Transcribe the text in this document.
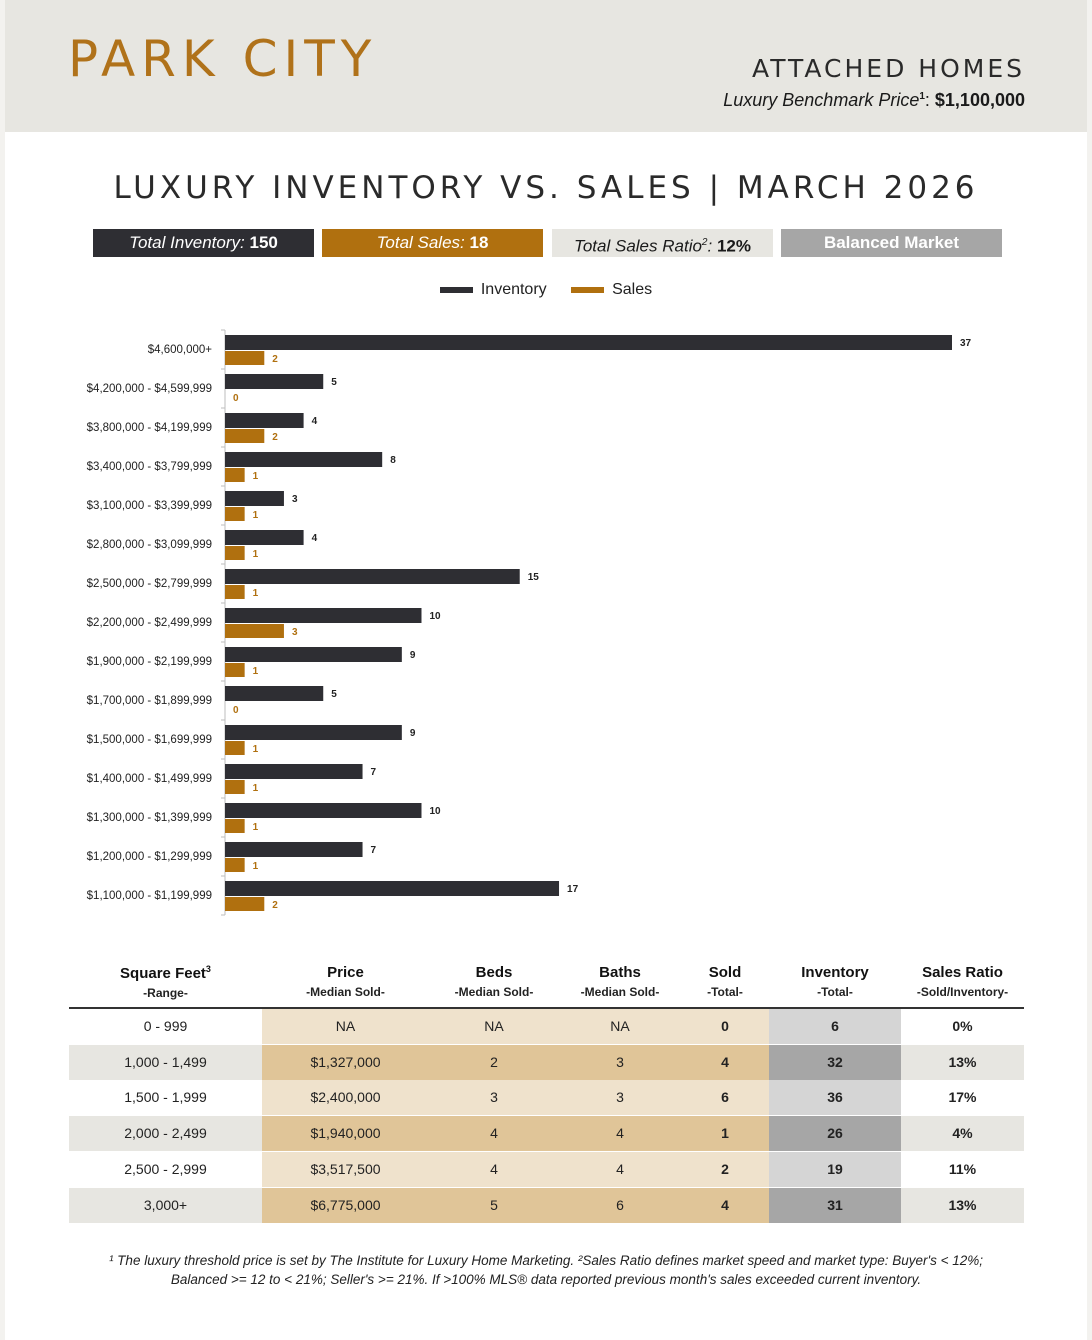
PARK CITY	ATTACHED HOMES
Luxury Benchmark Price$^1$: $1,100,000
LUXURY INVENTORY VS. SALES | MARCH 2026
Total Inventory: 150	Total Sales: 18	Total Sales Ratio$^2$: 12%	Balanced Market
Inventory	Sales
$4,600,000+
37
2
$4,200,000 - $4,599,999
5
0
$3,800,000 - $4,199,999
4
2
$3,400,000 - $3,799,999
8
1
$3,100,000 - $3,399,999
3
1
$2,800,000 - $3,099,999
4
1
$2,500,000 - $2,799,999
15
1
$2,200,000 - $2,499,999
10
3
$1,900,000 - $2,199,999
9
1
$1,700,000 - $1,899,999
5
0
$1,500,000 - $1,699,999
9
1
$1,400,000 - $1,499,999
7
1
$1,300,000 - $1,399,999
10
1
$1,200,000 - $1,299,999
7
1
$1,100,000 - $1,199,999
17
2
Square Feet$^3$
-Range-
Price
-Median Sold-
Beds
-Median Sold-
Baths
-Median Sold-
Sold
-Total-
Inventory
-Total-
Sales Ratio
-Sold/Inventory-
0 - 999	NA	NA	NA	0	6	0%
1,000 - 1,499	$1,327,000	2	3	4	32	13%
1,500 - 1,999	$2,400,000	3	3	6	36	17%
2,000 - 2,499	$1,940,000	4	4	1	26	4%
2,500 - 2,999	$3,517,500	4	4	2	19	11%
3,000+	$6,775,000	5	6	4	31	13%
¹ The luxury threshold price is set by The Institute for Luxury Home Marketing. ²Sales Ratio defines market speed and market type: Buyer's < 12%;
Balanced >= 12 to < 21%; Seller's >= 21%. If >100% MLS® data reported previous month's sales exceeded current inventory.
